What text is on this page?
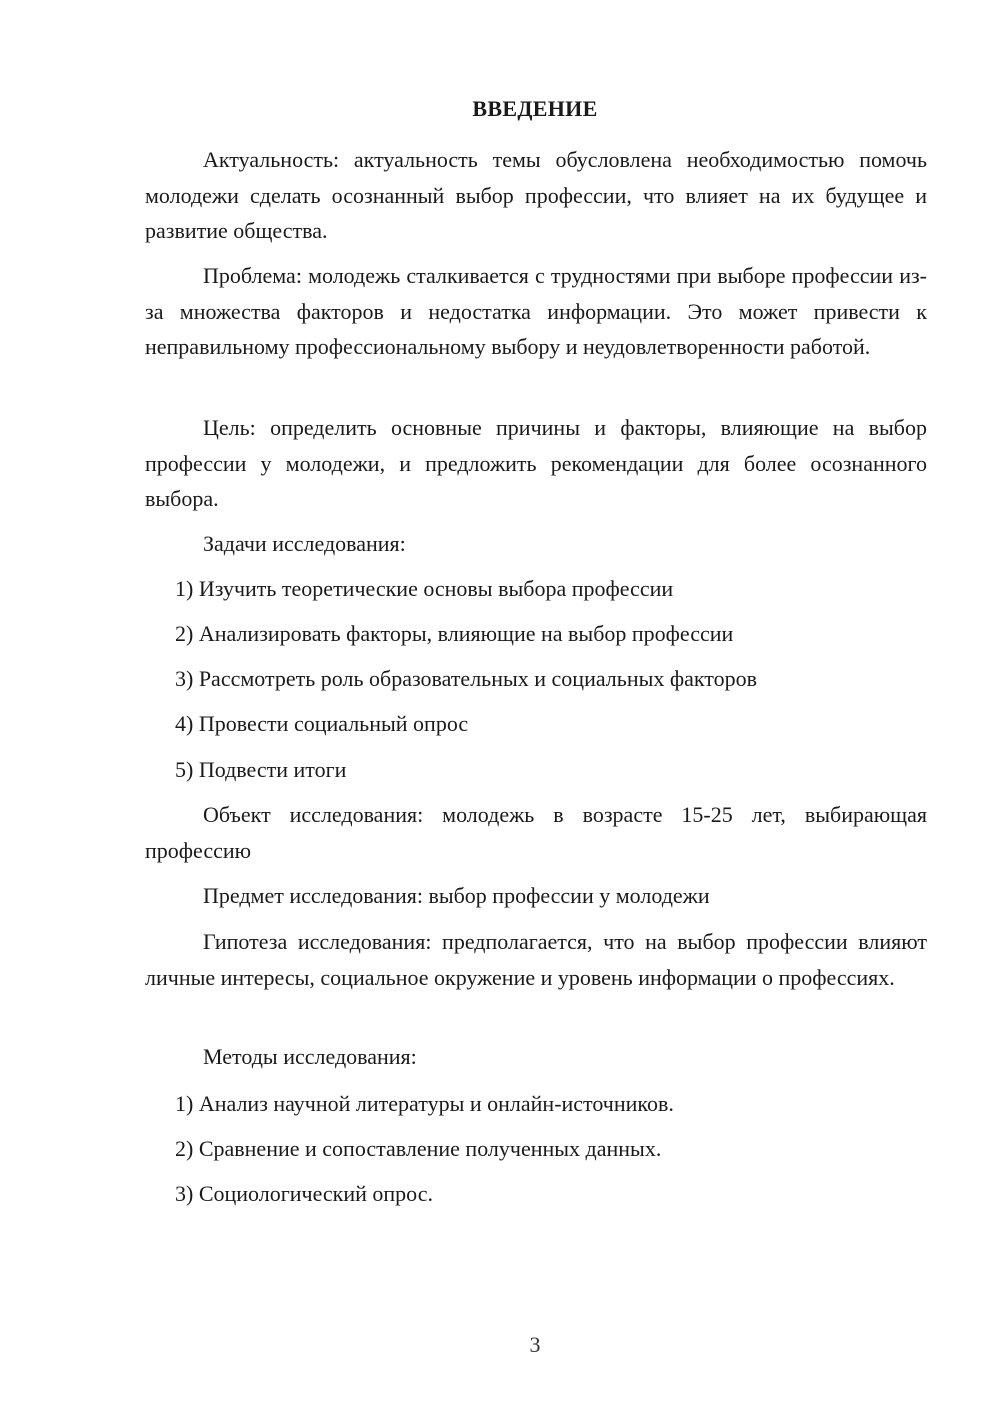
ВВЕДЕНИЕ
Актуальность: актуальность темы обусловлена необходимостью помочь молодежи сделать осознанный выбор профессии, что влияет на их будущее и развитие общества.
Проблема: молодежь сталкивается с трудностями при выборе профессии из-за множества факторов и недостатка информации. Это может привести к неправильному профессиональному выбору и неудовлетворенности работой.
Цель: определить основные причины и факторы, влияющие на выбор профессии у молодежи, и предложить рекомендации для более осознанного выбора.
Задачи исследования:
1) Изучить теоретические основы выбора профессии
2) Анализировать факторы, влияющие на выбор профессии
3) Рассмотреть роль образовательных и социальных факторов
4) Провести социальный опрос
5) Подвести итоги
Объект исследования: молодежь в возрасте 15-25 лет, выбирающая профессию
Предмет исследования: выбор профессии у молодежи
Гипотеза исследования: предполагается, что на выбор профессии влияют личные интересы, социальное окружение и уровень информации о профессиях.
Методы исследования:
1) Анализ научной литературы и онлайн-источников.
2) Сравнение и сопоставление полученных данных.
3) Социологический опрос.
3
